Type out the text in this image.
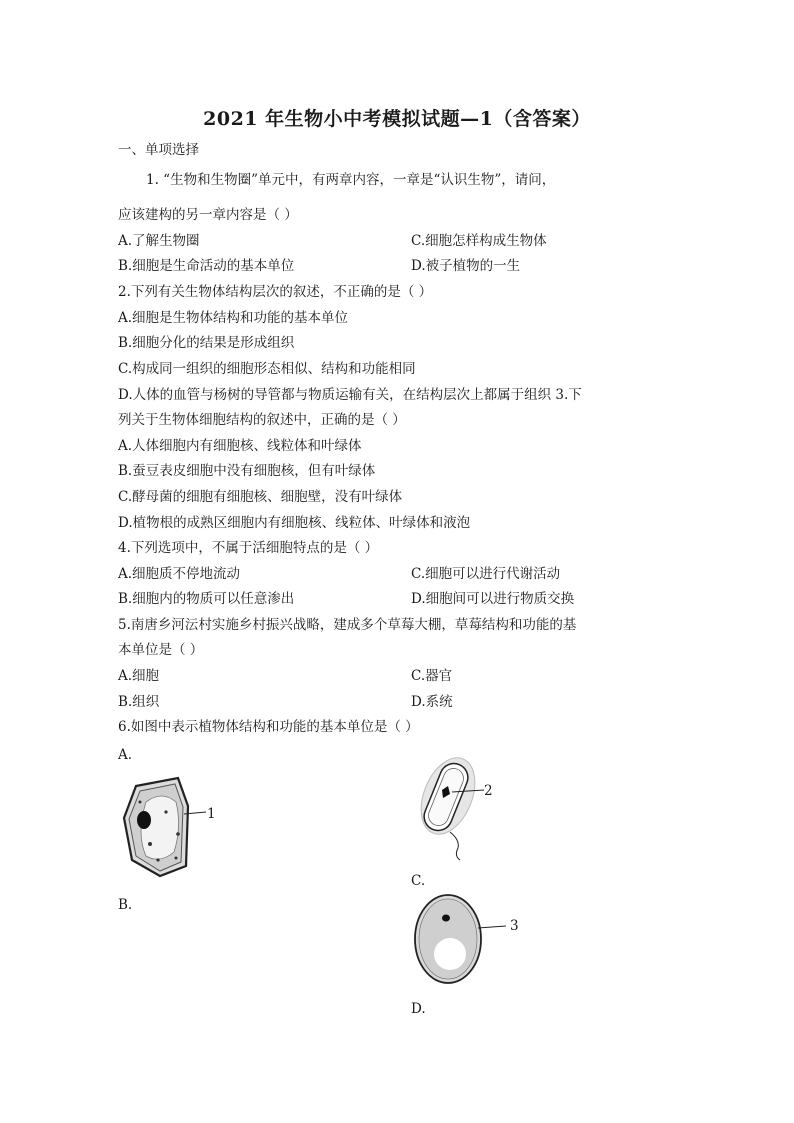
2021 年生物小中考模拟试题—1（含答案）
一、单项选择
1. “生物和生物圈”单元中，有两章内容，一章是“认识生物”，请问，
应该建构的另一章内容是（ ）
A.了解生物圈	C.细胞怎样构成生物体
B.细胞是生命活动的基本单位	D.被子植物的一生
2.下列有关生物体结构层次的叙述，不正确的是（ ）
A.细胞是生物体结构和功能的基本单位
B.细胞分化的结果是形成组织
C.构成同一组织的细胞形态相似、结构和功能相同
D.人体的血管与杨树的导管都与物质运输有关，在结构层次上都属于组织 3.下
列关于生物体细胞结构的叙述中，正确的是（ ）
A.人体细胞内有细胞核、线粒体和叶绿体
B.蚕豆表皮细胞中没有细胞核，但有叶绿体
C.酵母菌的细胞有细胞核、细胞壁，没有叶绿体
D.植物根的成熟区细胞内有细胞核、线粒体、叶绿体和液泡
4.下列选项中，不属于活细胞特点的是（ ）
A.细胞质不停地流动	C.细胞可以进行代谢活动
B.细胞内的物质可以任意渗出	D.细胞间可以进行物质交换
5.南唐乡河沄村实施乡村振兴战略，建成多个草莓大棚，草莓结构和功能的基
本单位是（ ）
A.细胞	C.器官
B.组织	D.系统
6.如图中表示植物体结构和功能的基本单位是（ ）
A.
1
2
C.
B.
3
D.
